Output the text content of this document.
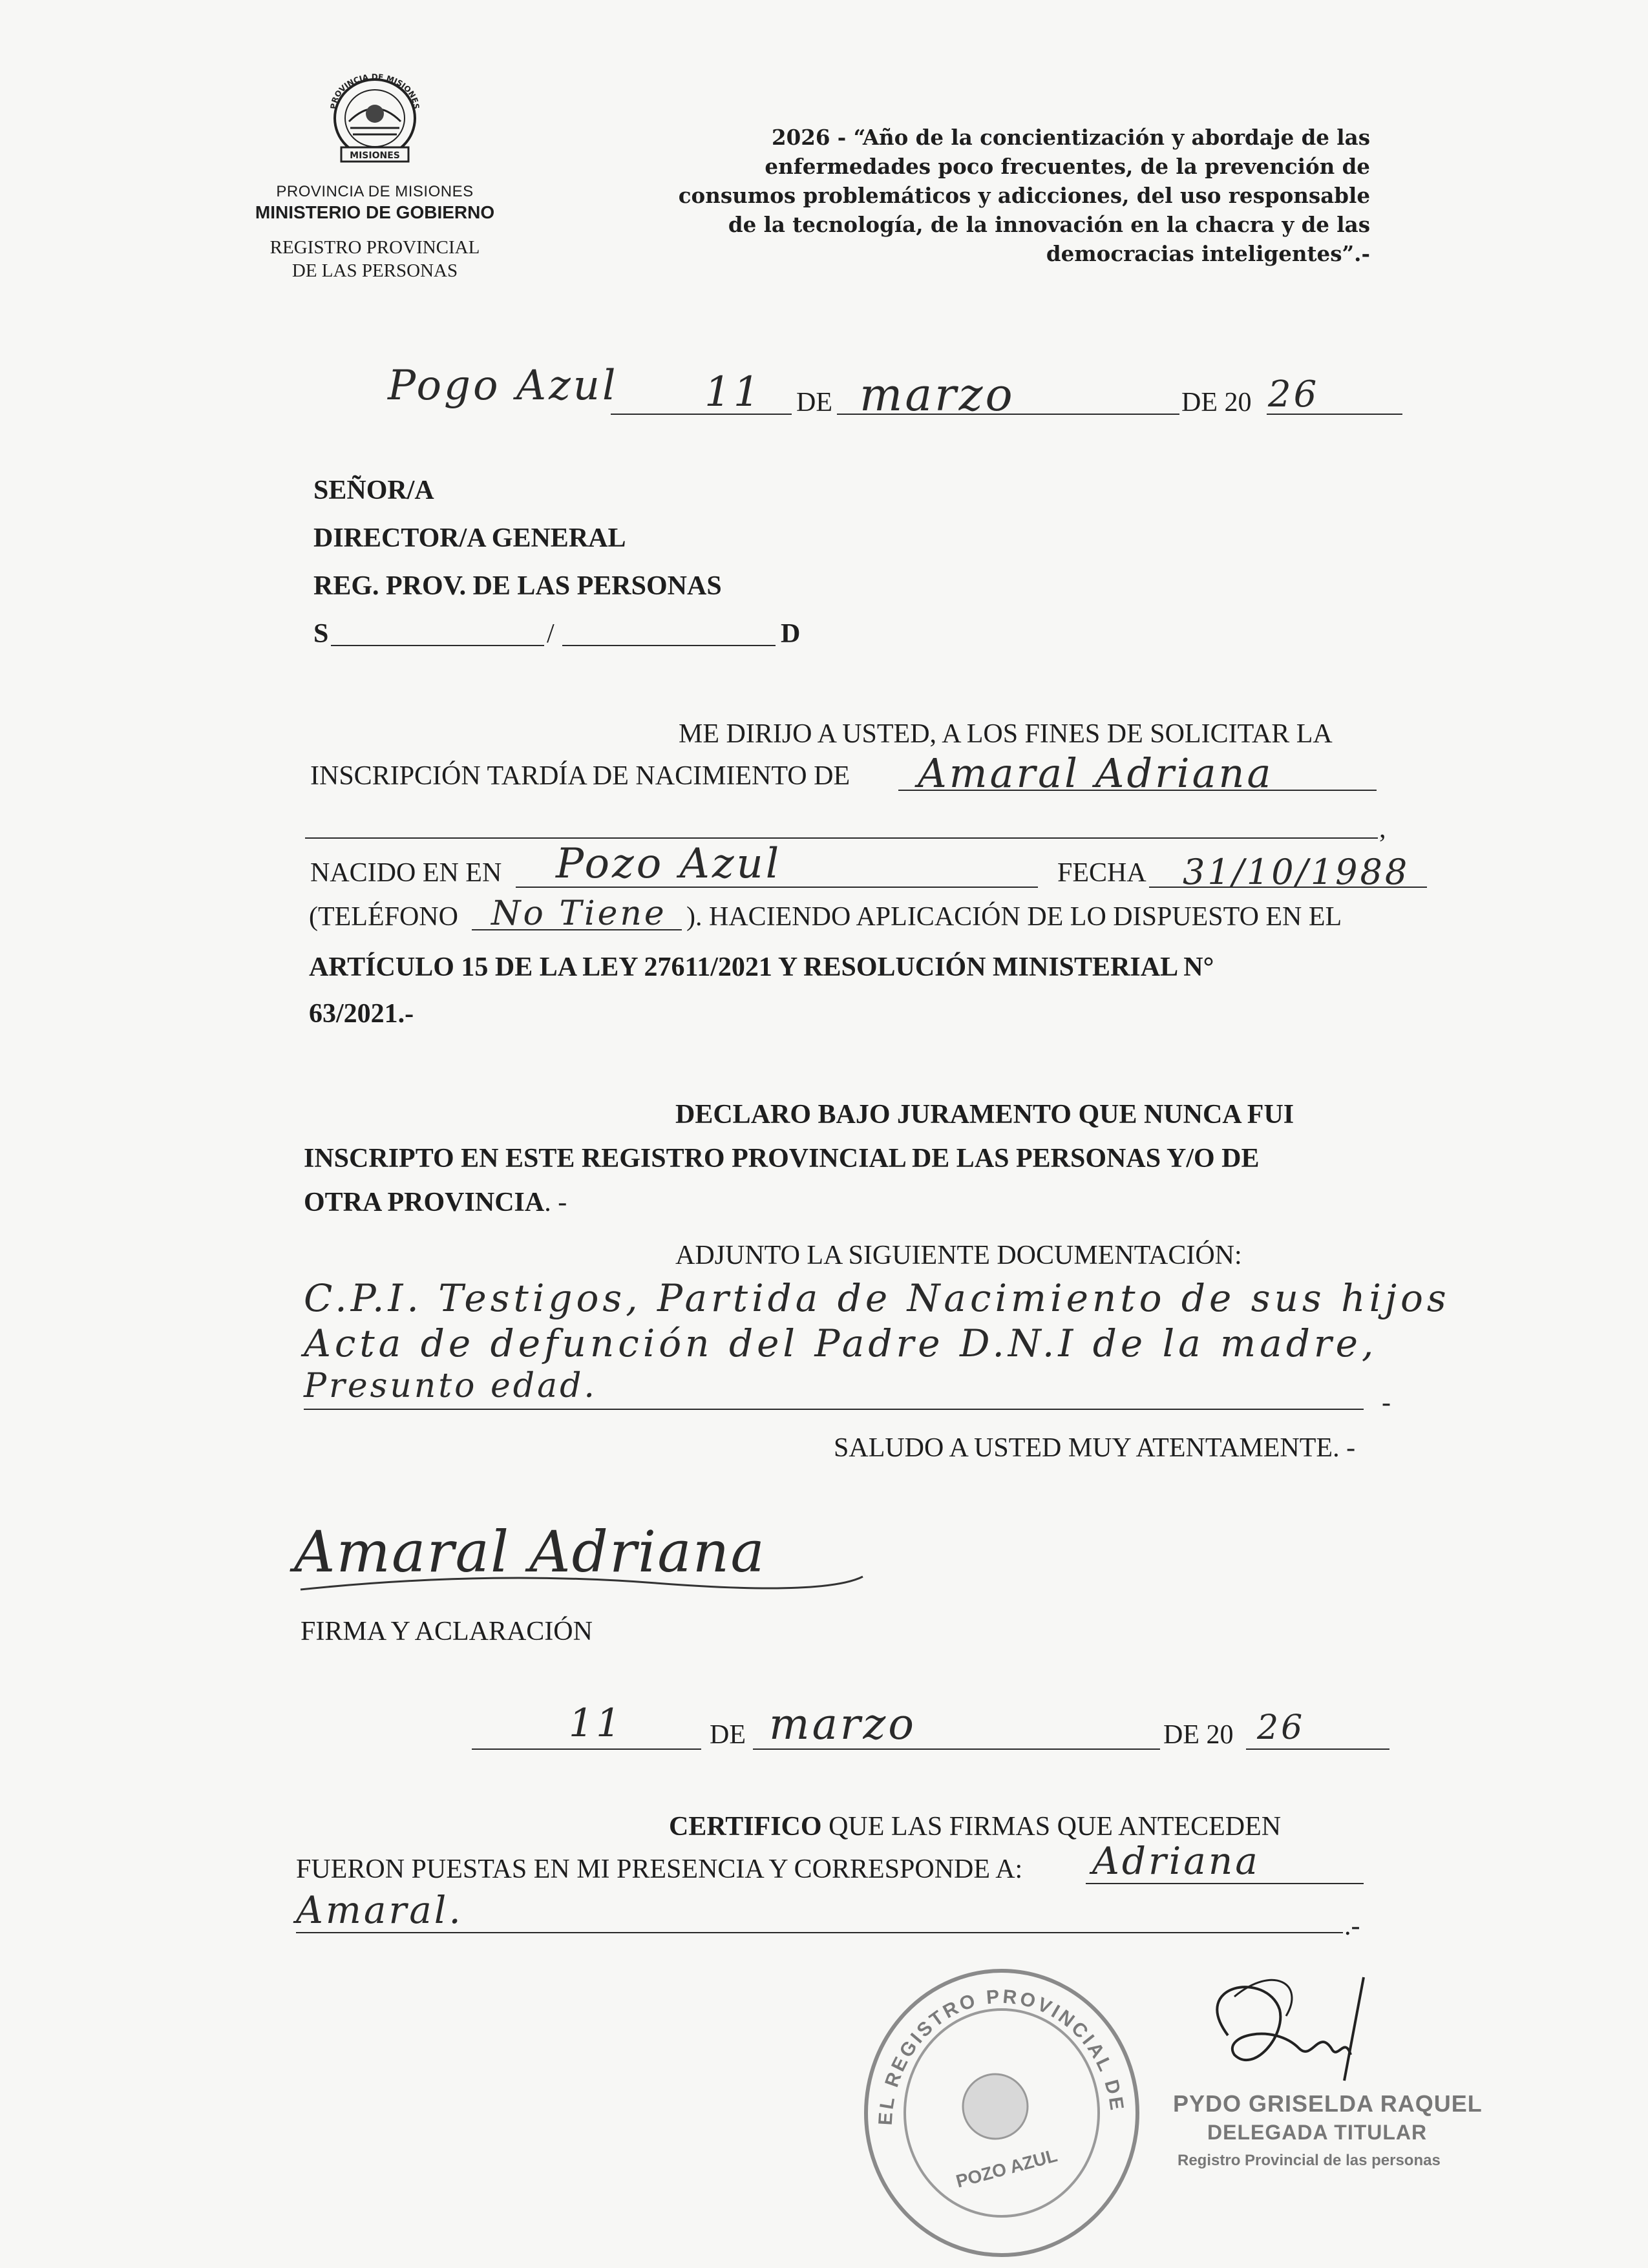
MISIONES
PROVINCIA DE MISIONES
PROVINCIA DE MISIONES
MINISTERIO DE GOBIERNO
REGISTRO PROVINCIAL
DE LAS PERSONAS
2026 - “Año de la concientización y abordaje de las
enfermedades poco frecuentes, de la prevención de
consumos problemáticos y adicciones, del uso responsable
de la tecnología, de la innovación en la chacra y de las
democracias inteligentes”.-
Pogo Azul 11 DE marzo	DE 20 26
SEÑOR/A
DIRECTOR/A GENERAL
REG. PROV. DE LAS PERSONAS
S	/	D
ME DIRIJO A USTED, A LOS FINES DE SOLICITAR LA
INSCRIPCIÓN TARDÍA DE NACIMIENTO DE Amaral Adriana
,
NACIDO EN EN Pozo Azul	FECHA 31/10/1988
(TELÉFONO No Tiene ). HACIENDO APLICACIÓN DE LO DISPUESTO EN EL
ARTÍCULO 15 DE LA LEY 27611/2021 Y RESOLUCIÓN MINISTERIAL N°
63/2021.-
DECLARO BAJO JURAMENTO QUE NUNCA FUI
INSCRIPTO EN ESTE REGISTRO PROVINCIAL DE LAS PERSONAS Y/O DE
OTRA PROVINCIA. -
ADJUNTO LA SIGUIENTE DOCUMENTACIÓN:
C.P.I. Testigos, Partida de Nacimiento de sus hijos
Acta de defunción del Padre D.N.I de la madre,
Presunto edad.	-
SALUDO A USTED MUY ATENTAMENTE. -
Amaral Adriana
FIRMA Y ACLARACIÓN
11	DE marzo	DE 20 26
CERTIFICO QUE LAS FIRMAS QUE ANTECEDEN
FUERON PUESTAS EN MI PRESENCIA Y CORRESPONDE A: Adriana
Amaral.	.-
EL REGISTRO PROVINCIAL DE
POZO AZUL
PYDO GRISELDA RAQUEL
DELEGADA TITULAR
Registro Provincial de las personas
